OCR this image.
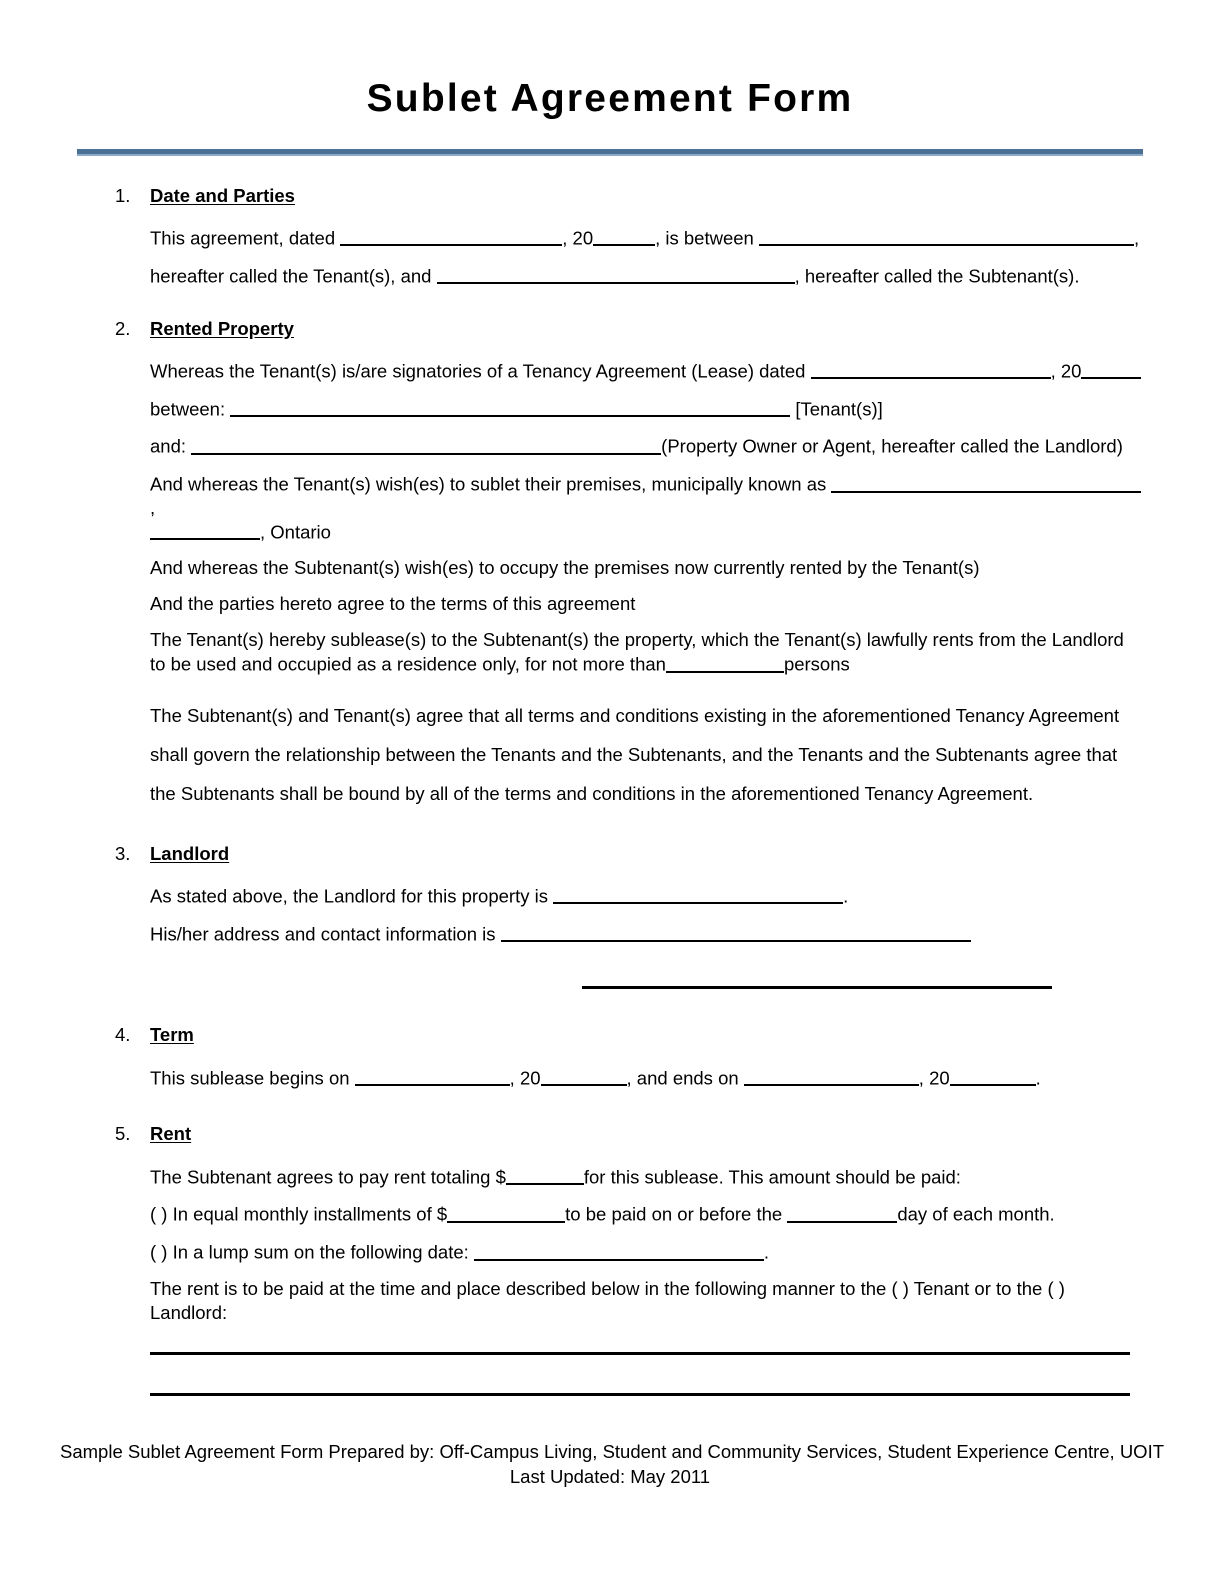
Sublet Agreement Form
1. Date and Parties
This agreement, dated	, 20	, is between	,
hereafter called the Tenant(s), and	, hereafter called the Subtenant(s).
2. Rented Property
Whereas the Tenant(s) is/are signatories of a Tenancy Agreement (Lease) dated	, 20
between:	[Tenant(s)]
and:	(Property Owner or Agent, hereafter called the Landlord)
And whereas the Tenant(s) wish(es) to sublet their premises, municipally known as ,
, Ontario
And whereas the Subtenant(s) wish(es) to occupy the premises now currently rented by the Tenant(s)
And the parties hereto agree to the terms of this agreement
The Tenant(s) hereby sublease(s) to the Subtenant(s) the property, which the Tenant(s) lawfully rents from the Landlord to be used and occupied as a residence only, for not more than	persons
The Subtenant(s) and Tenant(s) agree that all terms and conditions existing in the aforementioned Tenancy Agreement shall govern the relationship between the Tenants and the Subtenants, and the Tenants and the Subtenants agree that the Subtenants shall be bound by all of the terms and conditions in the aforementioned Tenancy Agreement.
3. Landlord
As stated above, the Landlord for this property is	.
His/her address and contact information is
4. Term
This sublease begins on	, 20	, and ends on	, 20	.
5. Rent
The Subtenant agrees to pay rent totaling $	for this sublease. This amount should be paid:
( ) In equal monthly installments of $	to be paid on or before the	day of each month.
( ) In a lump sum on the following date:	.
The rent is to be paid at the time and place described below in the following manner to the ( ) Tenant or to the ( ) Landlord:
Sample Sublet Agreement Form Prepared by: Off-Campus Living, Student and Community Services, Student Experience Centre, UOIT
Last Updated: May 2011
